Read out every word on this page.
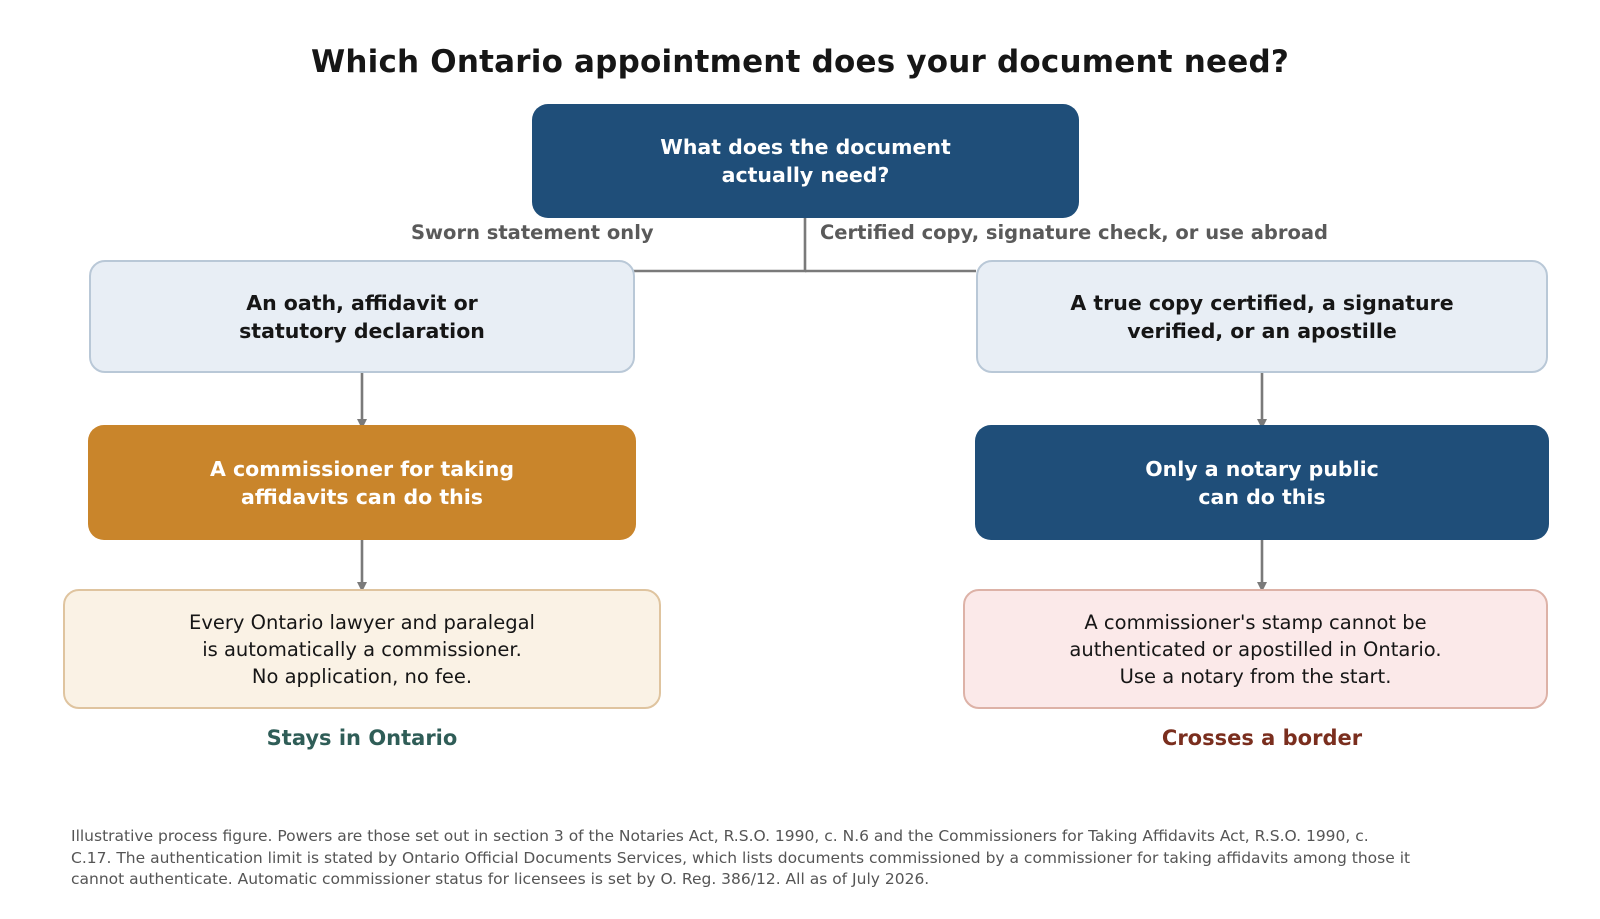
Which Ontario appointment does your document need?
What does the document
actually need?
Sworn statement only	Certified copy, signature check, or use abroad
An oath, affidavit or
statutory declaration
A commissioner for taking
affidavits can do this
Every Ontario lawyer and paralegal
is automatically a commissioner.
No application, no fee.
Stays in Ontario
A true copy certified, a signature
verified, or an apostille
Only a notary public
can do this
A commissioner's stamp cannot be
authenticated or apostilled in Ontario.
Use a notary from the start.
Crosses a border
Illustrative process figure. Powers are those set out in section 3 of the Notaries Act, R.S.O. 1990, c. N.6 and the Commissioners for Taking Affidavits Act, R.S.O. 1990, c. C.17. The authentication limit is stated by Ontario Official Documents Services, which lists documents commissioned by a commissioner for taking affidavits among those it cannot authenticate. Automatic commissioner status for licensees is set by O. Reg. 386/12. All as of July 2026.
